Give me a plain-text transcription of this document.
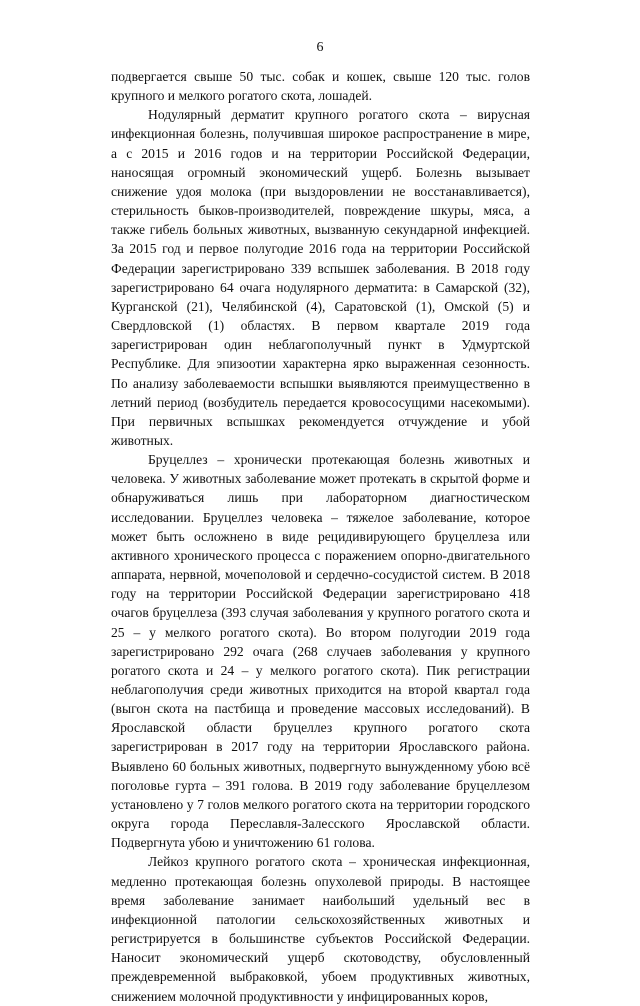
6

подвергается свыше 50 тыс. собак и кошек, свыше 120 тыс. голов крупного и мелкого рогатого скота, лошадей.

Нодулярный дерматит крупного рогатого скота – вирусная инфекционная болезнь, получившая широкое распространение в мире, а с 2015 и 2016 годов и на территории Российской Федерации, наносящая огромный экономический ущерб. Болезнь вызывает снижение удоя молока (при выздоровлении не восстанавливается), стерильность быков-производителей, повреждение шкуры, мяса, а также гибель больных животных, вызванную секундарной инфекцией. За 2015 год и первое полугодие 2016 года на территории Российской Федерации зарегистрировано 339 вспышек заболевания. В 2018 году зарегистрировано 64 очага нодулярного дерматита: в Самарской (32), Курганской (21), Челябинской (4), Саратовской (1), Омской (5) и Свердловской (1) областях. В первом квартале 2019 года зарегистрирован один неблагополучный пункт в Удмуртской Республике. Для эпизоотии характерна ярко выраженная сезонность. По анализу заболеваемости вспышки выявляются преимущественно в летний период (возбудитель передается кровососущими насекомыми). При первичных вспышках рекомендуется отчуждение и убой животных.

Бруцеллез – хронически протекающая болезнь животных и человека. У животных заболевание может протекать в скрытой форме и обнаруживаться лишь при лабораторном диагностическом исследовании. Бруцеллез человека – тяжелое заболевание, которое может быть осложнено в виде рецидивирующего бруцеллеза или активного хронического процесса с поражением опорно-двигательного аппарата, нервной, мочеполовой и сердечно-сосудистой систем. В 2018 году на территории Российской Федерации зарегистрировано 418 очагов бруцеллеза (393 случая заболевания у крупного рогатого скота и 25 – у мелкого рогатого скота). Во втором полугодии 2019 года зарегистрировано 292 очага (268 случаев заболевания у крупного рогатого скота и 24 – у мелкого рогатого скота). Пик регистрации неблагополучия среди животных приходится на второй квартал года (выгон скота на пастбища и проведение массовых исследований). В Ярославской области бруцеллез крупного рогатого скота зарегистрирован в 2017 году на территории Ярославского района. Выявлено 60 больных животных, подвергнуто вынужденному убою всё поголовье гурта – 391 голова. В 2019 году заболевание бруцеллезом установлено у 7 голов мелкого рогатого скота на территории городского округа города Переславля-Залесского Ярославской области. Подвергнута убою и уничтожению 61 голова.

Лейкоз крупного рогатого скота – хроническая инфекционная, медленно протекающая болезнь опухолевой природы. В настоящее время заболевание занимает наибольший удельный вес в инфекционной патологии сельскохозяйственных животных и регистрируется в большинстве субъектов Российской Федерации. Наносит экономический ущерб скотоводству, обусловленный преждевременной выбраковкой, убоем продуктивных животных, снижением молочной продуктивности у инфицированных коров,
